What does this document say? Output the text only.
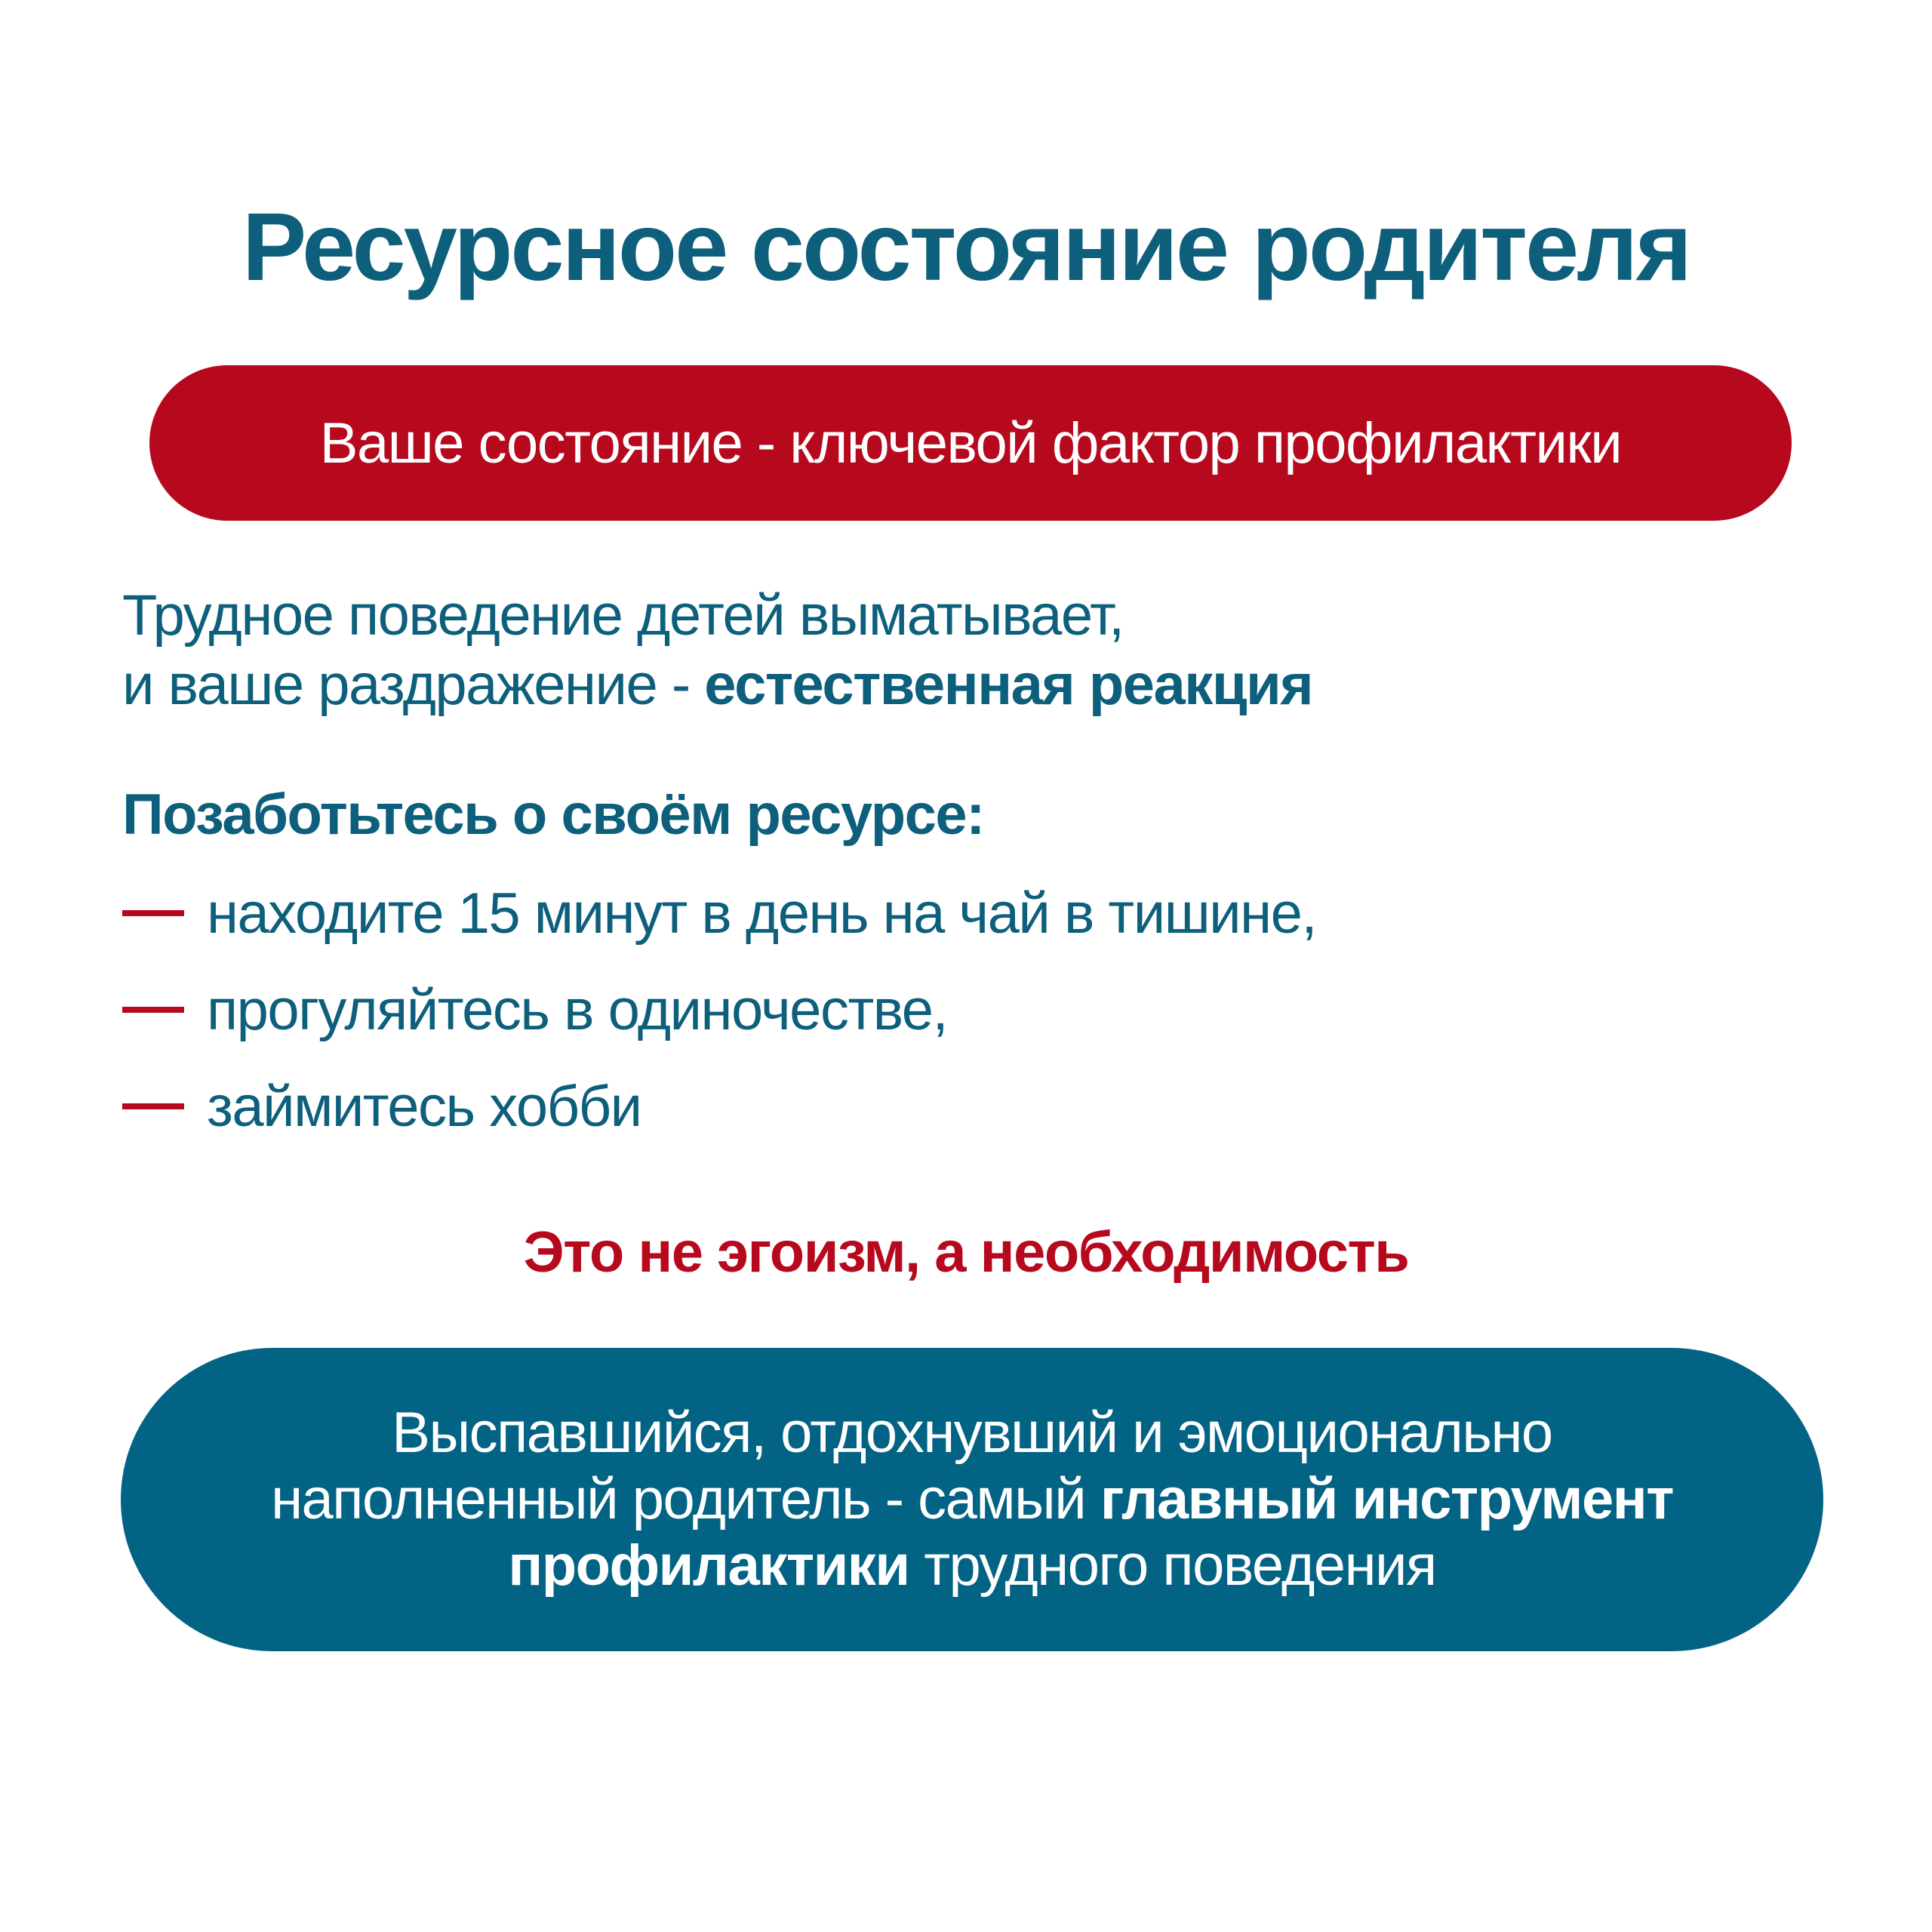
Ресурсное состояние родителя
Ваше состояние - ключевой фактор профилактики
Трудное поведение детей выматывает,
и ваше раздражение - естественная реакция
Позаботьтесь о своём ресурсе:
находите 15 минут в день на чай в тишине,
прогуляйтесь в одиночестве,
займитесь хобби
Это не эгоизм, а необходимость
Выспавшийся, отдохнувший и эмоционально
наполненный родитель - самый главный инструмент
профилактики трудного поведения
